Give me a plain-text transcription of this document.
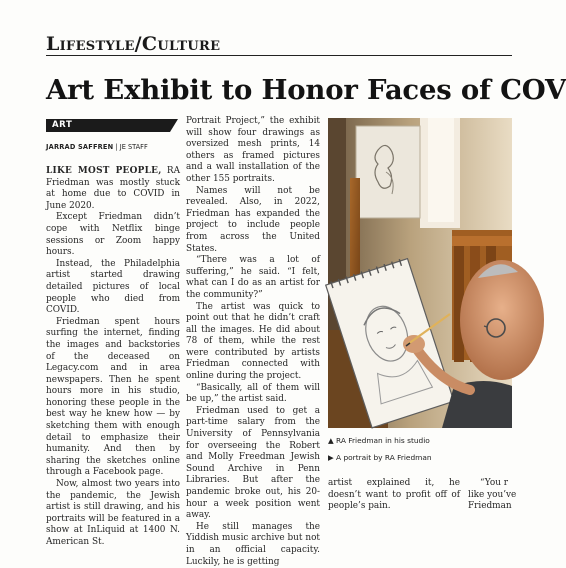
Lifestyle/Culture
Art Exhibit to Honor Faces of COV
ART
JARRAD SAFFREN | JE STAFF

LIKE MOST PEOPLE, RA Friedman was mostly stuck at home due to COVID in June 2020.

Except Friedman didn’t cope with Netflix binge sessions or Zoom happy hours.

Instead, the Philadelphia artist started drawing detailed pictures of local people who died from COVID.

Friedman spent hours surfing the internet, finding the images and backstories of the deceased on Legacy.com and in area newspapers. Then he spent hours more in his studio, honoring these people in the best way he knew how — by sketching them with enough detail to emphasize their humanity. And then by sharing the sketches online through a Facebook page.

Now, almost two years into the pandemic, the Jewish artist is still drawing, and his portraits will be featured in a show at InLiquid at 1400 N. American St.

Portrait Project,” the exhibit will show four drawings as oversized mesh prints, 14 others as framed pictures and a wall installation of the other 155 portraits.

Names will not be revealed. Also, in 2022, Friedman has expanded the project to include people from across the United States.

“There was a lot of suffering,” he said. “I felt, what can I do as an artist for the community?”

The artist was quick to point out that he didn’t craft all the images. He did about 78 of them, while the rest were contributed by artists Friedman connected with online during the project.

“Basically, all of them will be up,” the artist said.

Friedman used to get a part-time salary from the University of Pennsylvania for overseeing the Robert and Molly Freedman Jewish Sound Archive in Penn Libraries. But after the pandemic broke out, his 20-hour a week position went away.

He still manages the Yiddish music archive but not in an official capacity. Luckily, he is getting

▲ RA Friedman in his studio
▶ A portrait by RA Friedman
artist explained it, he doesn’t want to profit off of people’s pain.
“You r
like you’ve
Friedman
